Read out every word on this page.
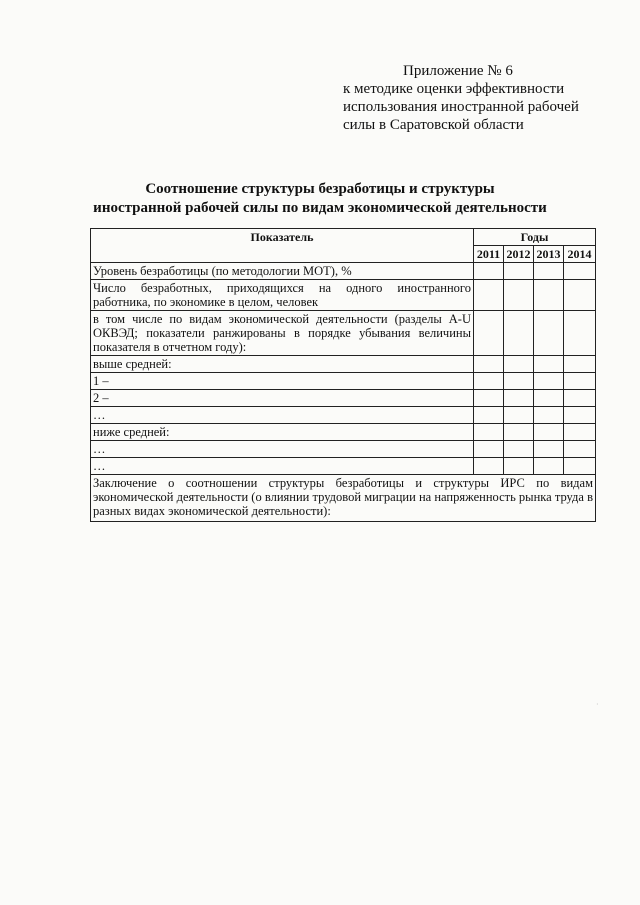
Приложение № 6
к методике оценки эффективности
использования иностранной рабочей
силы в Саратовской области
Соотношение структуры безработицы и структуры
иностранной рабочей силы по видам экономической деятельности
Показатель	Годы			
	2011	2012	2013	2014
Уровень безработицы (по методологии МОТ), %				
Число безработных, приходящихся на одного иностранного работника, по экономике в целом, человек				
в том числе по видам экономической деятельности (разделы A-U ОКВЭД; показатели ранжированы в порядке убывания величины показателя в отчетном году):				
выше средней:				
1 –				
2 –				
…				
ниже средней:				
…				
…				
Заключение о соотношении структуры безработицы и структуры ИРС по видам экономической деятельности (о влиянии трудовой миграции на напряженность рынка труда в разных видах экономической деятельности):				
·
